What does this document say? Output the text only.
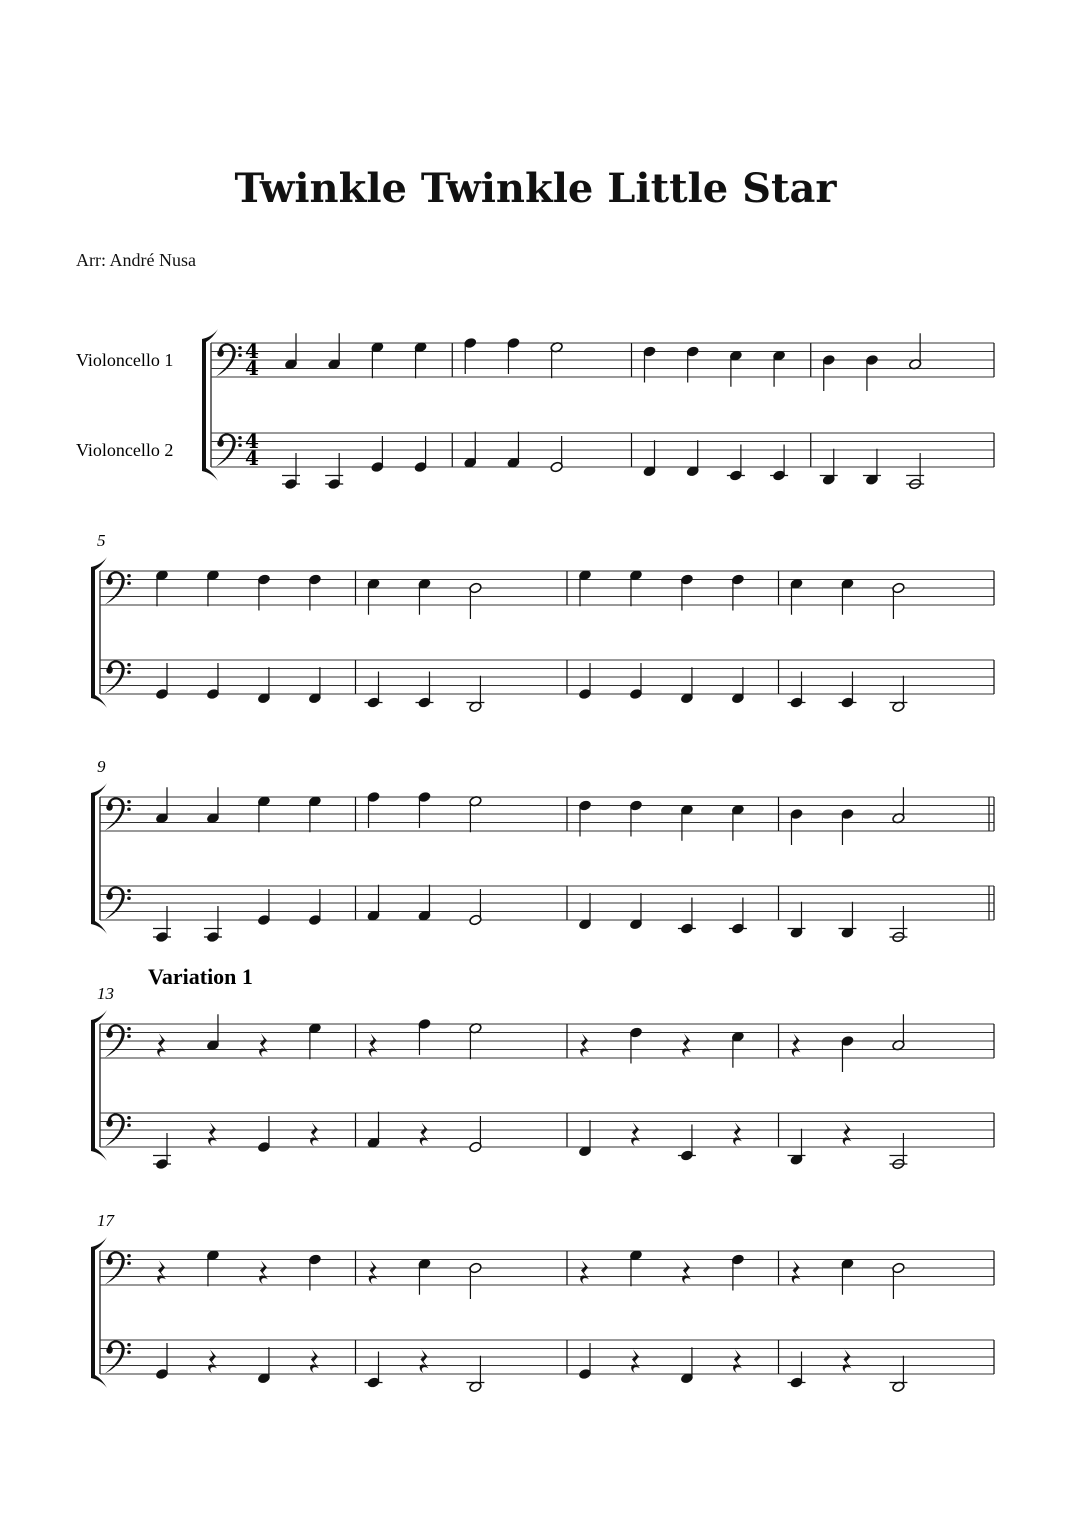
Twinkle Twinkle Little Star
Arr: André Nusa
Violoncello 1
Violoncello 2
4
4
4
4
5
9
13
Variation 1
17
